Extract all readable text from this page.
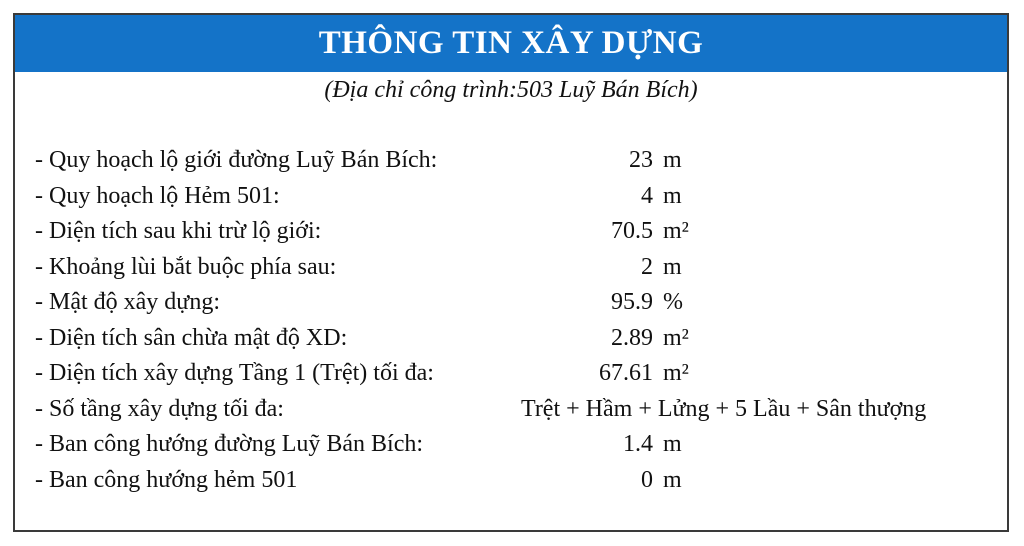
THÔNG TIN XÂY DỰNG
(Địa chỉ công trình:503 Luỹ Bán Bích)
- Quy hoạch lộ giới đường Luỹ Bán Bích:	23 m
- Quy hoạch lộ Hẻm 501:	4 m
- Diện tích sau khi trừ lộ giới:	70.5 m²
- Khoảng lùi bắt buộc phía sau:	2 m
- Mật độ xây dựng:	95.9 %
- Diện tích sân chừa mật độ XD:	2.89 m²
- Diện tích xây dựng Tầng 1 (Trệt) tối đa:	67.61 m²
- Số tầng xây dựng tối đa:	Trệt + Hầm + Lửng + 5 Lầu + Sân thượng
- Ban công hướng đường Luỹ Bán Bích:	1.4 m
- Ban công hướng hẻm 501	0 m
